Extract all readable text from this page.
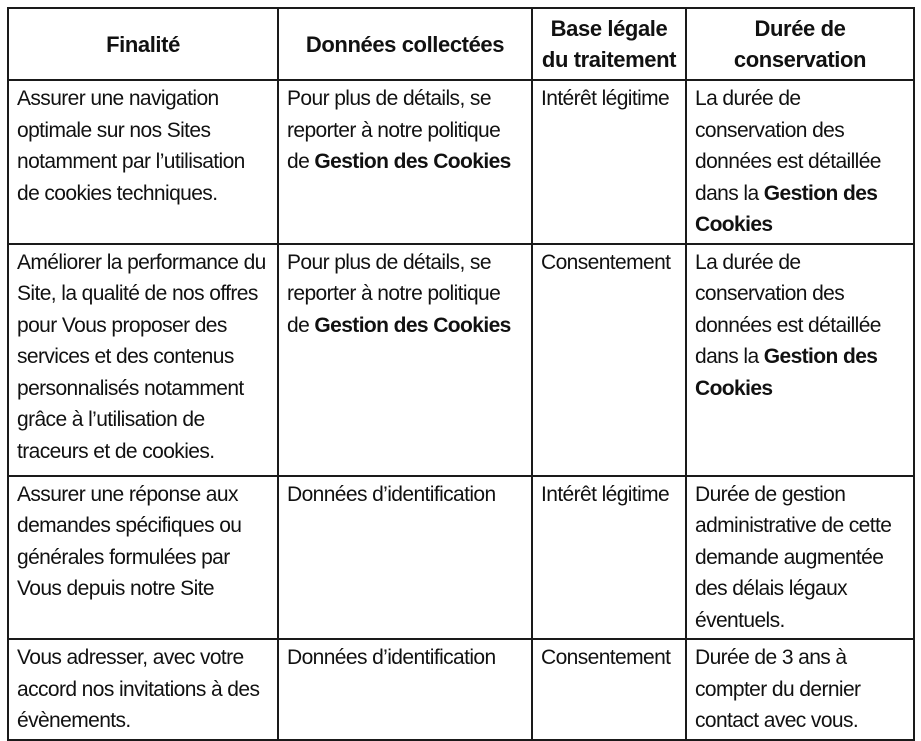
Finalité	Données collectées	Base légale du traitement	Durée de conservation
Assurer une navigation optimale sur nos Sites notamment par l’utilisation de cookies techniques.	Pour plus de détails, se reporter à notre politique de Gestion des Cookies	Intérêt légitime	La durée de conservation des données est détaillée dans la Gestion des Cookies
Améliorer la performance du Site, la qualité de nos offres pour Vous proposer des services et des contenus personnalisés notamment grâce à l’utilisation de traceurs et de cookies.	Pour plus de détails, se reporter à notre politique de Gestion des Cookies	Consentement	La durée de conservation des données est détaillée dans la Gestion des Cookies
Assurer une réponse aux demandes spécifiques ou générales formulées par Vous depuis notre Site	Données d’identification	Intérêt légitime	Durée de gestion administrative de cette demande augmentée des délais légaux éventuels.
Vous adresser, avec votre accord nos invitations à des évènements.	Données d’identification	Consentement	Durée de 3 ans à compter du dernier contact avec vous.
